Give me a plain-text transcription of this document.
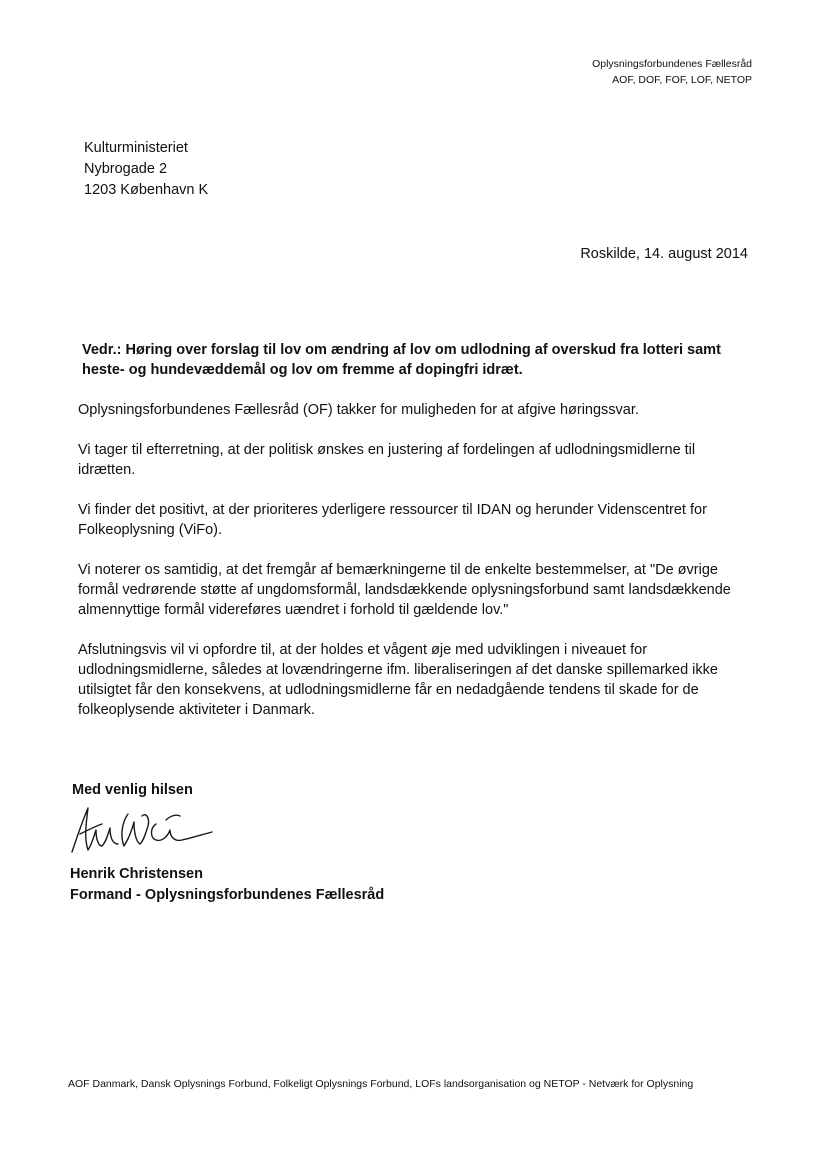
Oplysningsforbundenes Fællesråd
AOF, DOF, FOF, LOF, NETOP
Kulturministeriet
Nybrogade 2
1203 København K
Roskilde, 14. august 2014

Vedr.: Høring over forslag til lov om ændring af lov om udlodning af overskud fra lotteri samt heste- og hundevæddemål og lov om fremme af dopingfri idræt.

Oplysningsforbundenes Fællesråd (OF) takker for muligheden for at afgive høringssvar.

Vi tager til efterretning, at der politisk ønskes en justering af fordelingen af udlodningsmidlerne til idrætten.

Vi finder det positivt, at der prioriteres yderligere ressourcer til IDAN og herunder Videnscentret for Folkeoplysning (ViFo).

Vi noterer os samtidig, at det fremgår af bemærkningerne til de enkelte bestemmelser, at "De øvrige formål vedrørende støtte af ungdomsformål, landsdækkende oplysningsforbund samt landsdækkende almennyttige formål videreføres uændret i forhold til gældende lov."

Afslutningsvis vil vi opfordre til, at der holdes et vågent øje med udviklingen i niveauet for udlodningsmidlerne, således at lovændringerne ifm. liberaliseringen af det danske spillemarked ikke utilsigtet får den konsekvens, at udlodningsmidlerne får en nedadgående tendens til skade for de folkeoplysende aktiviteter i Danmark.

Med venlig hilsen
Henrik Christensen
Formand - Oplysningsforbundenes Fællesråd
AOF Danmark, Dansk Oplysnings Forbund, Folkeligt Oplysnings Forbund, LOFs landsorganisation og NETOP - Netværk for Oplysning
